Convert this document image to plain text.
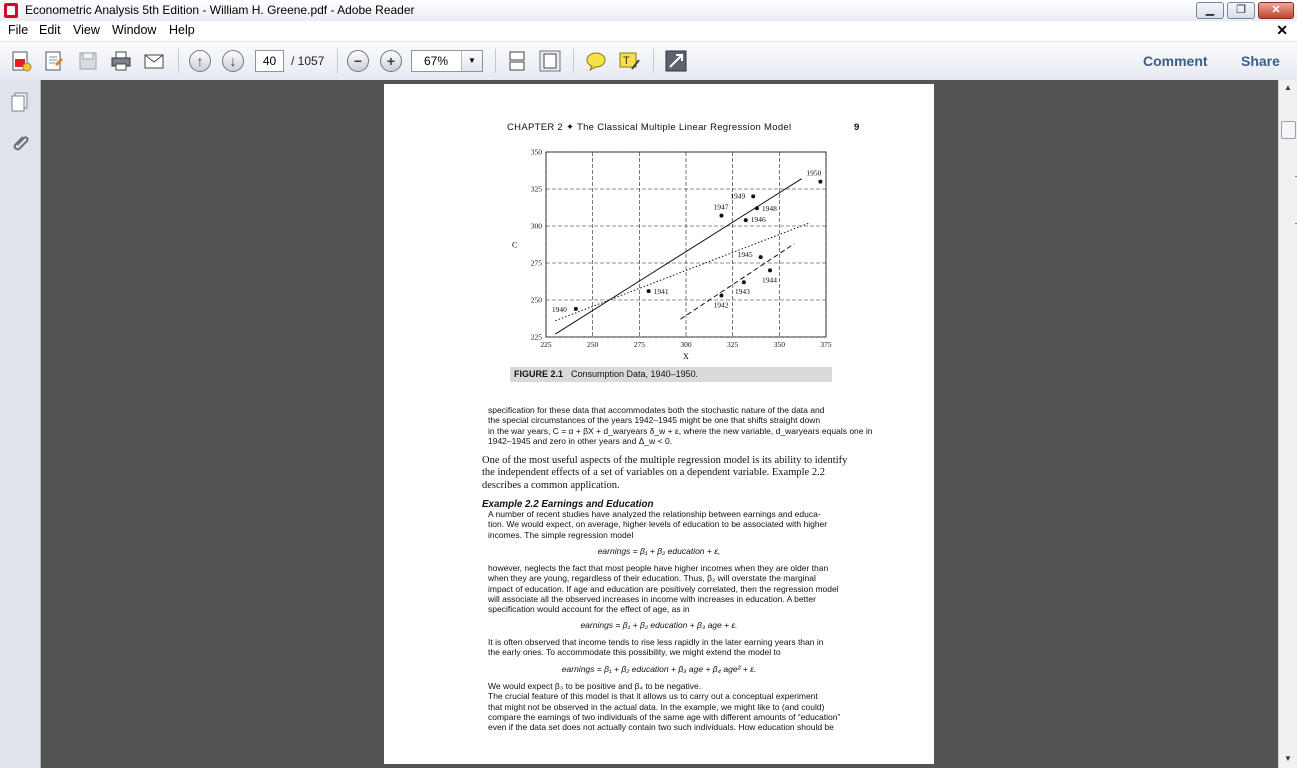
Econometric Analysis 5th Edition - William H. Greene.pdf - Adobe Reader	▁	❐	✕
File Edit View Window Help	✕
↑	↓	40	/ 1057	−	+	67%	▼	T	Comment Share
▲
▼
CHAPTER 2 ✦ The Classical Multiple Linear Regression Model	9
225	250	275	300	325	350	375
225
250
275
300
325
350
1940
1941
1942
1943
1944
1945
1946
1947	1948
1949
1950
X
C
FIGURE 2.1 Consumption Data, 1940–1950.
specification for these data that accommodates both the stochastic nature of the data and
the special circumstances of the years 1942–1945 might be one that shifts straight down
in the war years, C = α + βX + d_waryears δ_w + ε, where the new variable, d_waryears equals one in
1942–1945 and zero in other years and Δ_w < 0.
One of the most useful aspects of the multiple regression model is its ability to identify
the independent effects of a set of variables on a dependent variable. Example 2.2
describes a common application.
Example 2.2 Earnings and Education
A number of recent studies have analyzed the relationship between earnings and educa-
tion. We would expect, on average, higher levels of education to be associated with higher
incomes. The simple regression model
earnings = β₁ + β₂ education + ε,
however, neglects the fact that most people have higher incomes when they are older than
when they are young, regardless of their education. Thus, β₂ will overstate the marginal
impact of education. If age and education are positively correlated, then the regression model
will associate all the observed increases in income with increases in education. A better
specification would account for the effect of age, as in
earnings = β₁ + β₂ education + β₃ age + ε.
It is often observed that income tends to rise less rapidly in the later earning years than in
the early ones. To accommodate this possibility, we might extend the model to
earnings = β₁ + β₂ education + β₃ age + β₄ age² + ε.
We would expect β₃ to be positive and β₄ to be negative.
The crucial feature of this model is that it allows us to carry out a conceptual experiment
that might not be observed in the actual data. In the example, we might like to (and could)
compare the earnings of two individuals of the same age with different amounts of “education”
even if the data set does not actually contain two such individuals. How education should be
